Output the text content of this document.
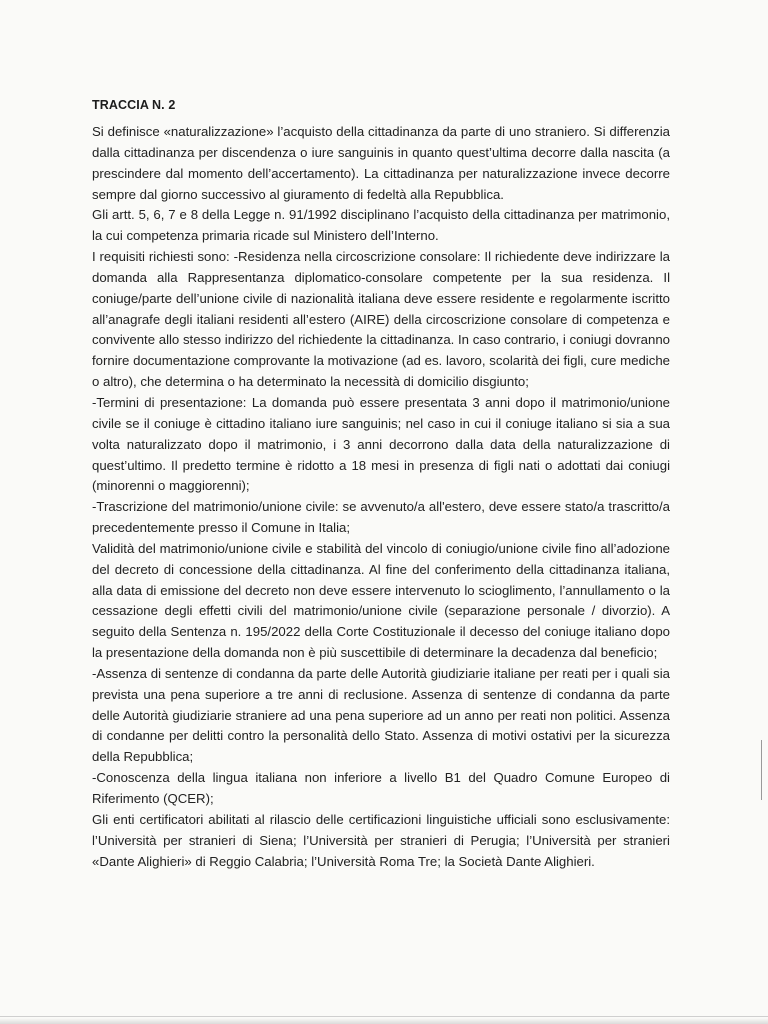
TRACCIA N. 2

Si definisce «naturalizzazione» l’acquisto della cittadinanza da parte di uno straniero. Si differenzia dalla cittadinanza per discendenza o iure sanguinis in quanto quest’ultima decorre dalla nascita (a prescindere dal momento dell’accertamento). La cittadinanza per naturalizzazione invece decorre sempre dal giorno successivo al giuramento di fedeltà alla Repubblica.

Gli artt. 5, 6, 7 e 8 della Legge n. 91/1992 disciplinano l’acquisto della cittadinanza per matrimonio, la cui competenza primaria ricade sul Ministero dell’Interno.

I requisiti richiesti sono: -Residenza nella circoscrizione consolare: Il richiedente deve indirizzare la domanda alla Rappresentanza diplomatico-consolare competente per la sua residenza. Il coniuge/parte dell’unione civile di nazionalità italiana deve essere residente e regolarmente iscritto all’anagrafe degli italiani residenti all’estero (AIRE) della circoscrizione consolare di competenza e convivente allo stesso indirizzo del richiedente la cittadinanza. In caso contrario, i coniugi dovranno fornire documentazione comprovante la motivazione (ad es. lavoro, scolarità dei figli, cure mediche o altro), che determina o ha determinato la necessità di domicilio disgiunto;

-Termini di presentazione: La domanda può essere presentata 3 anni dopo il matrimonio/unione civile se il coniuge è cittadino italiano iure sanguinis; nel caso in cui il coniuge italiano si sia a sua volta naturalizzato dopo il matrimonio, i 3 anni decorrono dalla data della naturalizzazione di quest’ultimo. Il predetto termine è ridotto a 18 mesi in presenza di figli nati o adottati dai coniugi (minorenni o maggiorenni);

-Trascrizione del matrimonio/unione civile: se avvenuto/a all'estero, deve essere stato/a trascritto/a precedentemente presso il Comune in Italia;

Validità del matrimonio/unione civile e stabilità del vincolo di coniugio/unione civile fino all’adozione del decreto di concessione della cittadinanza. Al fine del conferimento della cittadinanza italiana, alla data di emissione del decreto non deve essere intervenuto lo scioglimento, l’annullamento o la cessazione degli effetti civili del matrimonio/unione civile (separazione personale / divorzio). A seguito della Sentenza n. 195/2022 della Corte Costituzionale il decesso del coniuge italiano dopo la presentazione della domanda non è più suscettibile di determinare la decadenza dal beneficio;

-Assenza di sentenze di condanna da parte delle Autorità giudiziarie italiane per reati per i quali sia prevista una pena superiore a tre anni di reclusione. Assenza di sentenze di condanna da parte delle Autorità giudiziarie straniere ad una pena superiore ad un anno per reati non politici. Assenza di condanne per delitti contro la personalità dello Stato. Assenza di motivi ostativi per la sicurezza della Repubblica;

-Conoscenza della lingua italiana non inferiore a livello B1 del Quadro Comune Europeo di Riferimento (QCER);

Gli enti certificatori abilitati al rilascio delle certificazioni linguistiche ufficiali sono esclusivamente: l’Università per stranieri di Siena; l’Università per stranieri di Perugia; l’Università per stranieri «Dante Alighieri» di Reggio Calabria; l’Università Roma Tre; la Società Dante Alighieri.
